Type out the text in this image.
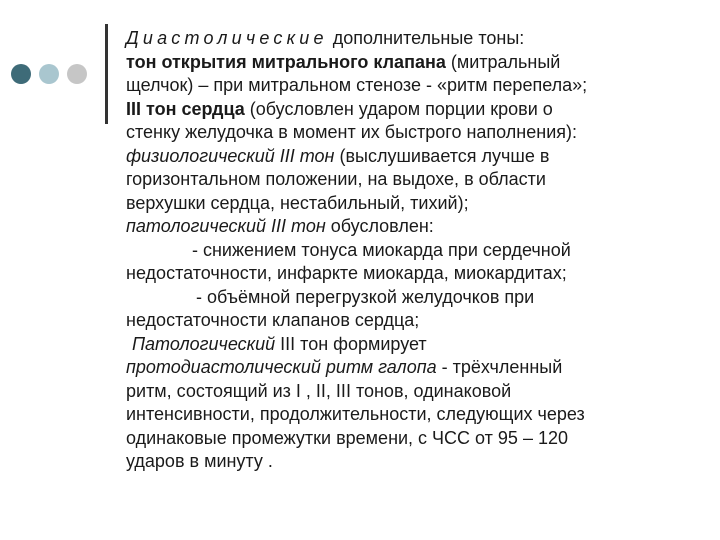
Диастолические дополнительные тоны:
тон открытия митрального клапана (митральный
щелчок) – при митральном стенозе - «ритм перепела»;
III тон сердца (обусловлен ударом порции крови о
стенку желудочка в момент их быстрого наполнения):
физиологический III тон (выслушивается лучше в
горизонтальном положении, на выдохе, в области
верхушки сердца, нестабильный, тихий);
патологический III тон обусловлен:
- снижением тонуса миокарда при сердечной
недостаточности, инфаркте миокарда, миокардитах;
- объёмной перегрузкой желудочков при
недостаточности клапанов сердца;
Патологический III тон формирует
протодиастолический ритм галопа - трёхчленный
ритм, состоящий из I , II, III тонов, одинаковой
интенсивности, продолжительности, следующих через
одинаковые промежутки времени, с ЧСС от 95 – 120
ударов в минуту .
